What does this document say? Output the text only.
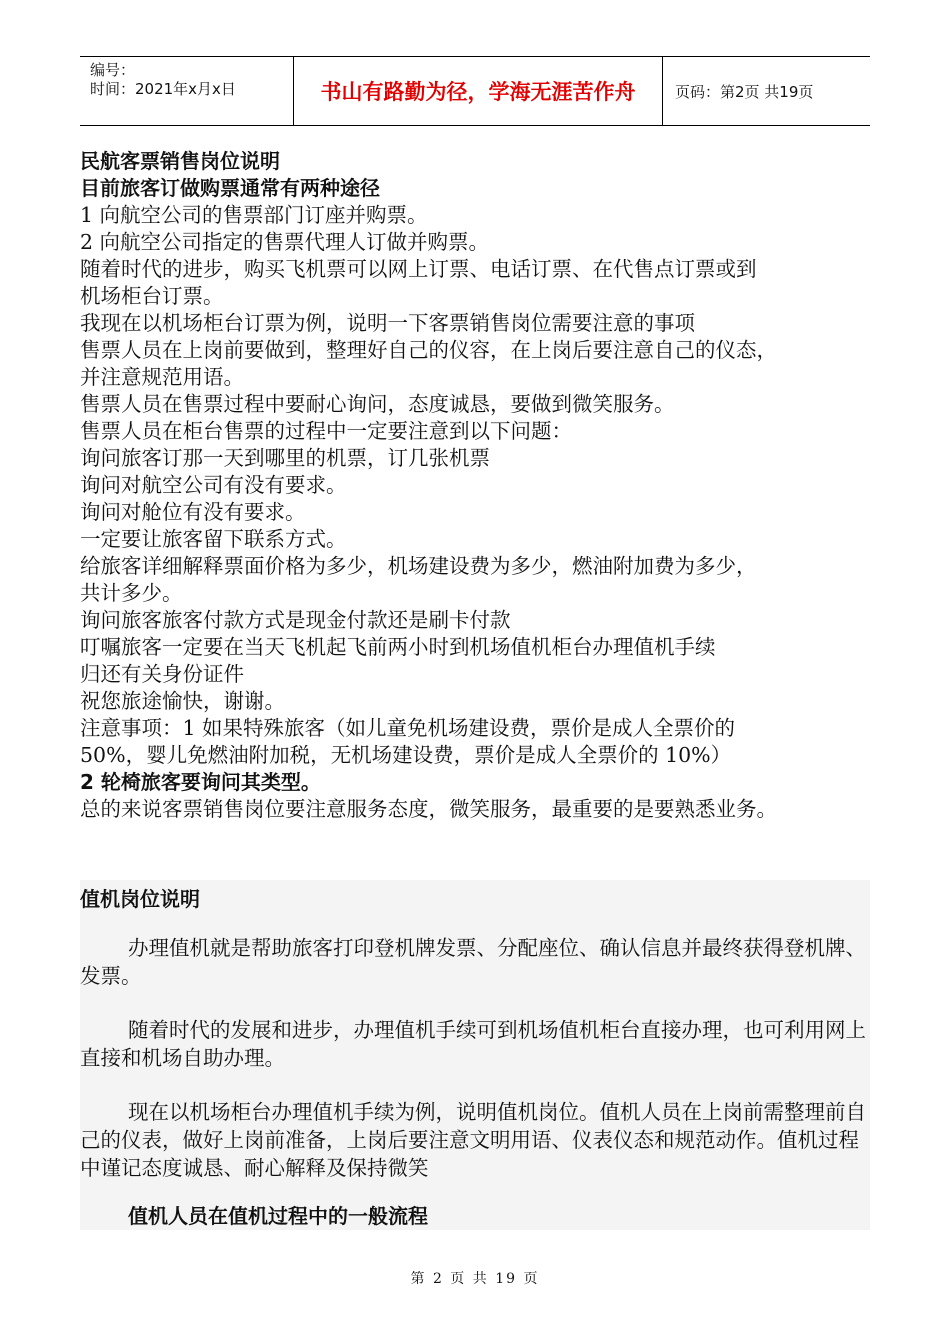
编号：
时间：2021年x月x日	书山有路勤为径，学海无涯苦作舟	页码：第2页 共19页
民航客票销售岗位说明
目前旅客订做购票通常有两种途径
1 向航空公司的售票部门订座并购票。
2 向航空公司指定的售票代理人订做并购票。
随着时代的进步，购买飞机票可以网上订票、电话订票、在代售点订票或到
机场柜台订票。
我现在以机场柜台订票为例，说明一下客票销售岗位需要注意的事项
售票人员在上岗前要做到，整理好自己的仪容，在上岗后要注意自己的仪态，
并注意规范用语。
售票人员在售票过程中要耐心询问，态度诚恳，要做到微笑服务。
售票人员在柜台售票的过程中一定要注意到以下问题：
询问旅客订那一天到哪里的机票，订几张机票
询问对航空公司有没有要求。
询问对舱位有没有要求。
一定要让旅客留下联系方式。
给旅客详细解释票面价格为多少，机场建设费为多少，燃油附加费为多少，
共计多少。
询问旅客旅客付款方式是现金付款还是刷卡付款
叮嘱旅客一定要在当天飞机起飞前两小时到机场值机柜台办理值机手续
归还有关身份证件
祝您旅途愉快，谢谢。
注意事项：1 如果特殊旅客（如儿童免机场建设费，票价是成人全票价的
50%，婴儿免燃油附加税，无机场建设费，票价是成人全票价的 10%）
2 轮椅旅客要询问其类型。
总的来说客票销售岗位要注意服务态度，微笑服务，最重要的是要熟悉业务。
值机岗位说明
办理值机就是帮助旅客打印登机牌发票、分配座位、确认信息并最终获得登机牌、发票。
随着时代的发展和进步，办理值机手续可到机场值机柜台直接办理，也可利用网上直接和机场自助办理。
现在以机场柜台办理值机手续为例，说明值机岗位。值机人员在上岗前需整理前自己的仪表，做好上岗前准备，上岗后要注意文明用语、仪表仪态和规范动作。值机过程中谨记态度诚恳、耐心解释及保持微笑
值机人员在值机过程中的一般流程
第 2 页 共 19 页
